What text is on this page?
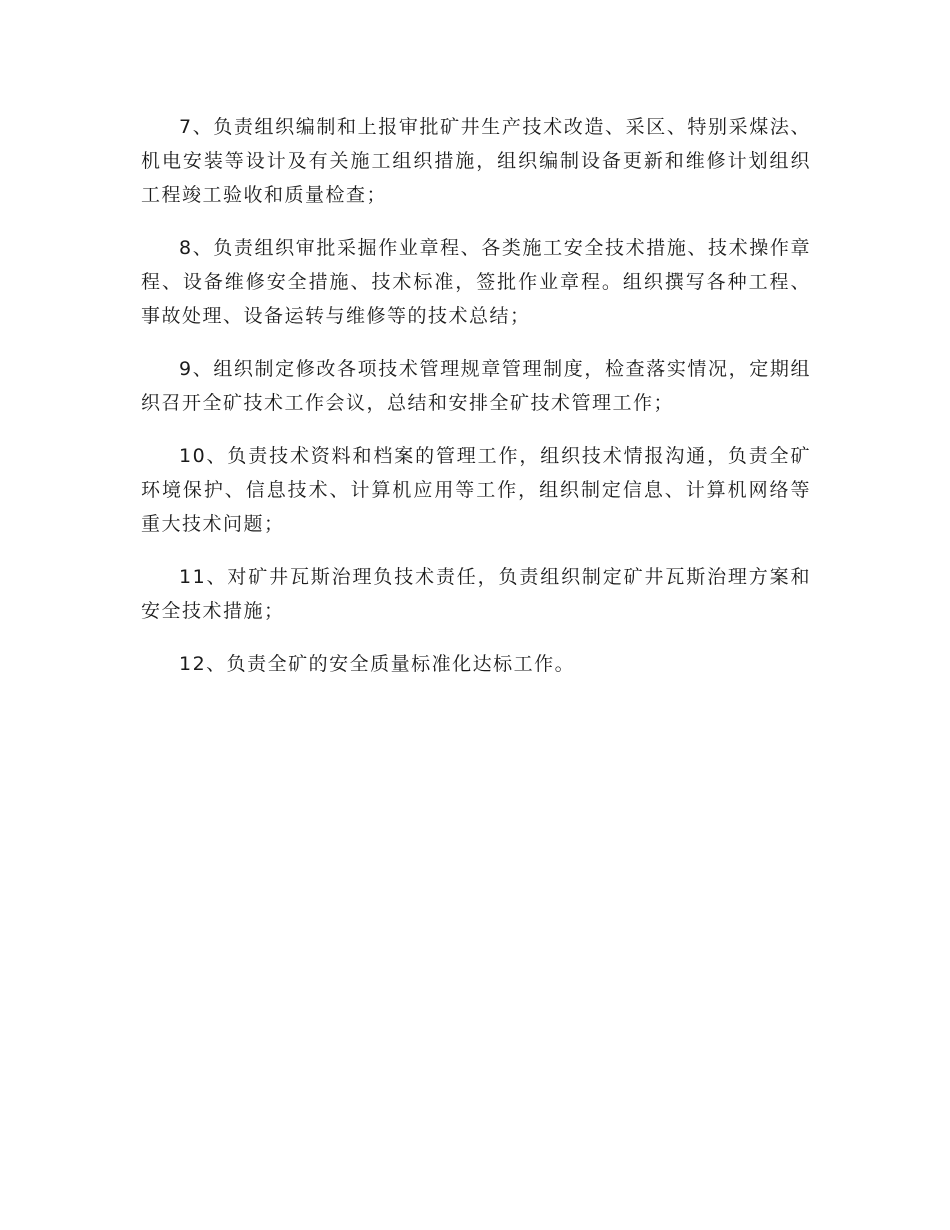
7、负责组织编制和上报审批矿井生产技术改造、采区、特别采煤法、机电安装等设计及有关施工组织措施，组织编制设备更新和维修计划组织工程竣工验收和质量检查；

8、负责组织审批采掘作业章程、各类施工安全技术措施、技术操作章程、设备维修安全措施、技术标准，签批作业章程。组织撰写各种工程、事故处理、设备运转与维修等的技术总结；

9、组织制定修改各项技术管理规章管理制度，检查落实情况，定期组织召开全矿技术工作会议，总结和安排全矿技术管理工作；

10、负责技术资料和档案的管理工作，组织技术情报沟通，负责全矿环境保护、信息技术、计算机应用等工作，组织制定信息、计算机网络等重大技术问题；

11、对矿井瓦斯治理负技术责任，负责组织制定矿井瓦斯治理方案和安全技术措施；

12、负责全矿的安全质量标准化达标工作。
